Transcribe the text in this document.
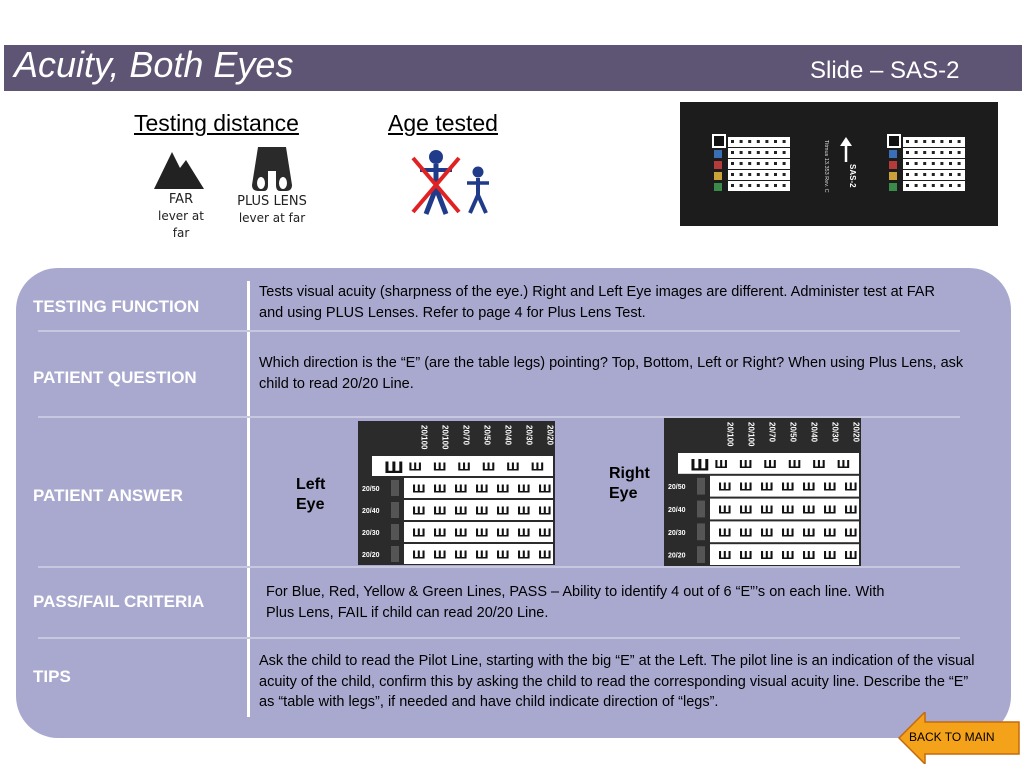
Acuity, Both Eyes	Slide – SAS-2
Testing distance	Age tested
FAR
lever at far
PLUS LENS
lever at far
SAS-2
Titmus 13.353 Rev. C
TESTING FUNCTION
Tests visual acuity (sharpness of the eye.) Right and Left Eye images are different. Administer test at FAR and using PLUS Lenses. Refer to page 4 for Plus Lens Test.
PATIENT QUESTION
Which direction is the “E” (are the table legs) pointing? Top, Bottom, Left or Right? When using Plus Lens, ask child to read 20/20 Line.
PATIENT ANSWER
Left
Eye
Right
Eye
20/100 20/100 20/70 20/50 20/40 20/30 20/20
Ш Ш Ш Ш Ш Ш Ш
20/50	Ш Ш Ш Ш Ш Ш Ш
20/40	Ш Ш Ш Ш Ш Ш Ш
20/30	Ш Ш Ш Ш Ш Ш Ш
20/20	Ш Ш Ш Ш Ш Ш Ш
20/100 20/100 20/70 20/50 20/40 20/30 20/20
Ш Ш Ш Ш Ш Ш Ш
20/50	Ш Ш Ш Ш Ш Ш Ш
20/40	Ш Ш Ш Ш Ш Ш Ш
20/30	Ш Ш Ш Ш Ш Ш Ш
20/20	Ш Ш Ш Ш Ш Ш Ш
PASS/FAIL CRITERIA	For Blue, Red, Yellow & Green Lines, PASS – Ability to identify 4 out of 6 “E”’s on each line. With Plus Lens, FAIL if child can read 20/20 Line.
TIPS
Ask the child to read the Pilot Line, starting with the big “E” at the Left. The pilot line is an indication of the visual acuity of the child, confirm this by asking the child to read the corresponding visual acuity line. Describe the “E” as “table with legs”, if needed and have child indicate direction of “legs”.
BACK TO MAIN
